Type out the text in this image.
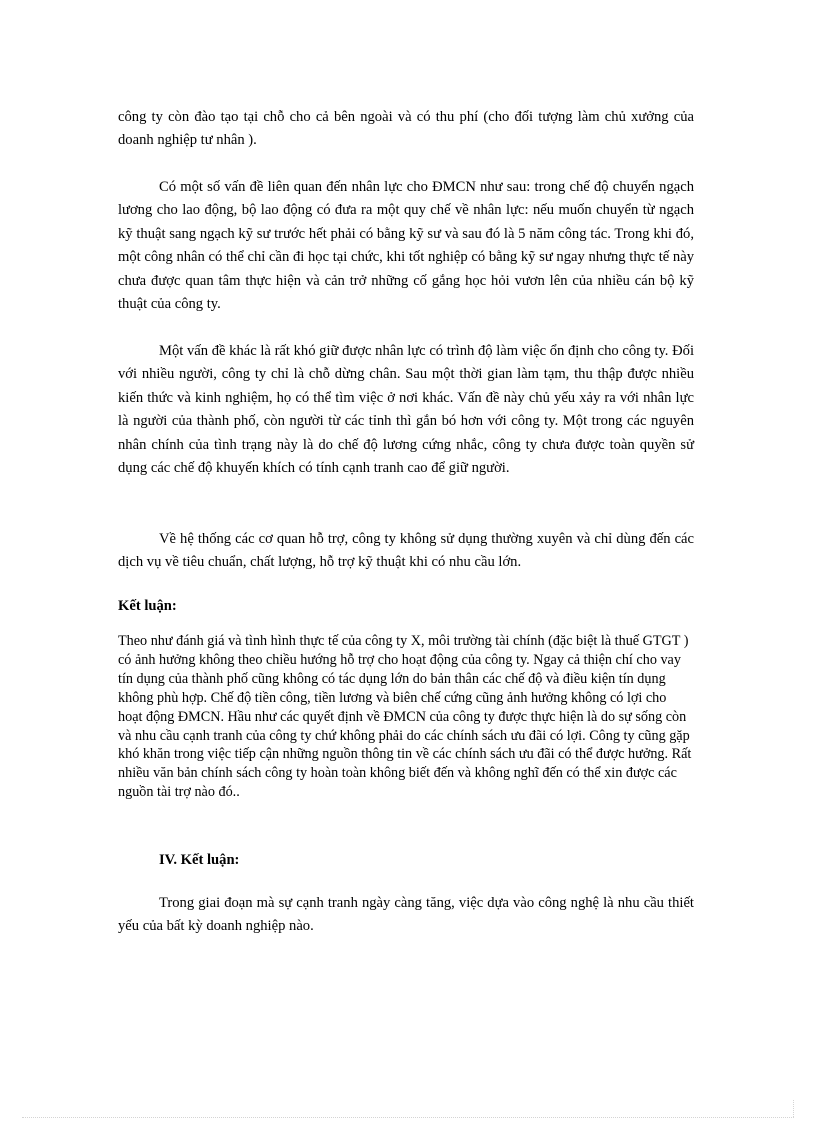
công ty còn đào tạo tại chỗ cho cả bên ngoài và có thu phí (cho đối tượng làm chủ xưởng của doanh nghiệp tư nhân ).

Có một số vấn đề liên quan đến nhân lực cho ĐMCN như sau: trong chế độ chuyển ngạch lương cho lao động, bộ lao động có đưa ra một quy chế về nhân lực: nếu muốn chuyển từ ngạch kỹ thuật sang ngạch kỹ sư trước hết phải có bằng kỹ sư và sau đó là 5 năm công tác. Trong khi đó, một công nhân có thể chỉ cần đi học tại chức, khi tốt nghiệp có bằng kỹ sư ngay nhưng thực tế này chưa được quan tâm thực hiện và cản trở những cố gắng học hỏi vươn lên của nhiều cán bộ kỹ thuật của công ty.

Một vấn đề khác là rất khó giữ được nhân lực có trình độ làm việc ổn định cho công ty. Đối với nhiều người, công ty chỉ là chỗ dừng chân. Sau một thời gian làm tạm, thu thập được nhiều kiến thức và kinh nghiệm, họ có thể tìm việc ở nơi khác. Vấn đề này chủ yếu xảy ra với nhân lực là người của thành phố, còn người từ các tỉnh thì gắn bó hơn với công ty. Một trong các nguyên nhân chính của tình trạng này là do chế độ lương cứng nhắc, công ty chưa được toàn quyền sử dụng các chế độ khuyến khích có tính cạnh tranh cao để giữ người.

Về hệ thống các cơ quan hỗ trợ, công ty không sử dụng thường xuyên và chỉ dùng đến các dịch vụ về tiêu chuẩn, chất lượng, hỗ trợ kỹ thuật khi có nhu cầu lớn.

Kết luận:

Theo như đánh giá và tình hình thực tế của công ty X, môi trường tài chính (đặc biệt là thuế GTGT ) có ảnh hưởng không theo chiều hướng hỗ trợ cho hoạt động của công ty. Ngay cả thiện chí cho vay tín dụng của thành phố cũng không có tác dụng lớn do bản thân các chế độ và điều kiện tín dụng không phù hợp. Chế độ tiền công, tiền lương và biên chế cứng cũng ảnh hưởng không có lợi cho hoạt động ĐMCN. Hầu như các quyết định về ĐMCN của công ty được thực hiện là do sự sống còn và nhu cầu cạnh tranh của công ty chứ không phải do các chính sách ưu đãi có lợi. Công ty cũng gặp khó khăn trong việc tiếp cận những nguồn thông tin về các chính sách ưu đãi có thể được hưởng. Rất nhiều văn bản chính sách công ty hoàn toàn không biết đến và không nghĩ đến có thể xin được các nguồn tài trợ nào đó..

IV. Kết luận:

Trong giai đoạn mà sự cạnh tranh ngày càng tăng, việc dựa vào công nghệ là nhu cầu thiết yếu của bất kỳ doanh nghiệp nào.
